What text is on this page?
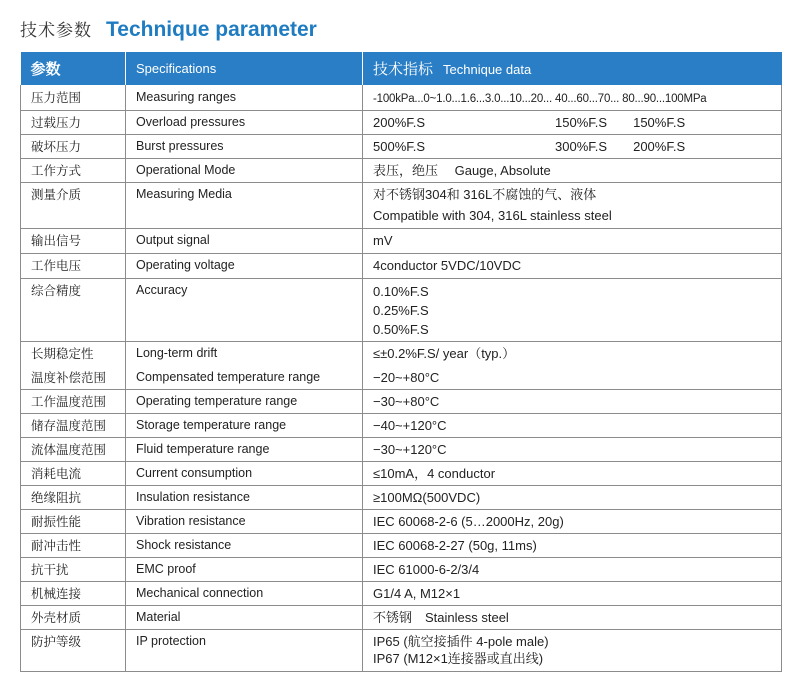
技术参数 Technique parameter
参数	Specifications	技术指标 Technique data
压力范围	Measuring ranges	-100kPa...0~1.0...1.6...3.0...10...20... 40...60...70... 80...90...100MPa
过载压力	Overload pressures	200%F.S 150%F.S 150%F.S
破坏压力	Burst pressures	500%F.S 300%F.S 200%F.S
工作方式	Operational Mode	表压，绝压　 Gauge, Absolute
测量介质	Measuring Media	对不锈钢304和 316L不腐蚀的气、液体
Compatible with 304, 316L stainless steel

输出信号	Output signal	mV
工作电压	Operating voltage	4conductor 5VDC/10VDC
综合精度	Accuracy	0.10%F.S
0.25%F.S
0.50%F.S

长期稳定性	Long-term drift	≤±0.2%F.S/ year（typ.）
温度补偿范围	Compensated temperature range	−20~+80°C
工作温度范围	Operating temperature range	−30~+80°C
储存温度范围	Storage temperature range	−40~+120°C
流体温度范围	Fluid temperature range	−30~+120°C
消耗电流	Current consumption	≤10mA，4 conductor
绝缘阻抗	Insulation resistance	≥100MΩ(500VDC)
耐振性能	Vibration resistance	IEC 60068-2-6 (5…2000Hz, 20g)
耐冲击性	Shock resistance	IEC 60068-2-27 (50g, 11ms)
抗干扰	EMC proof	IEC 61000-6-2/3/4
机械连接	Mechanical connection	G1/4 A, M12×1
外壳材质	Material	不锈钢　Stainless steel
防护等级	IP protection	IP65 (航空接插件 4-pole male)
IP67 (M12×1连接器或直出线)
